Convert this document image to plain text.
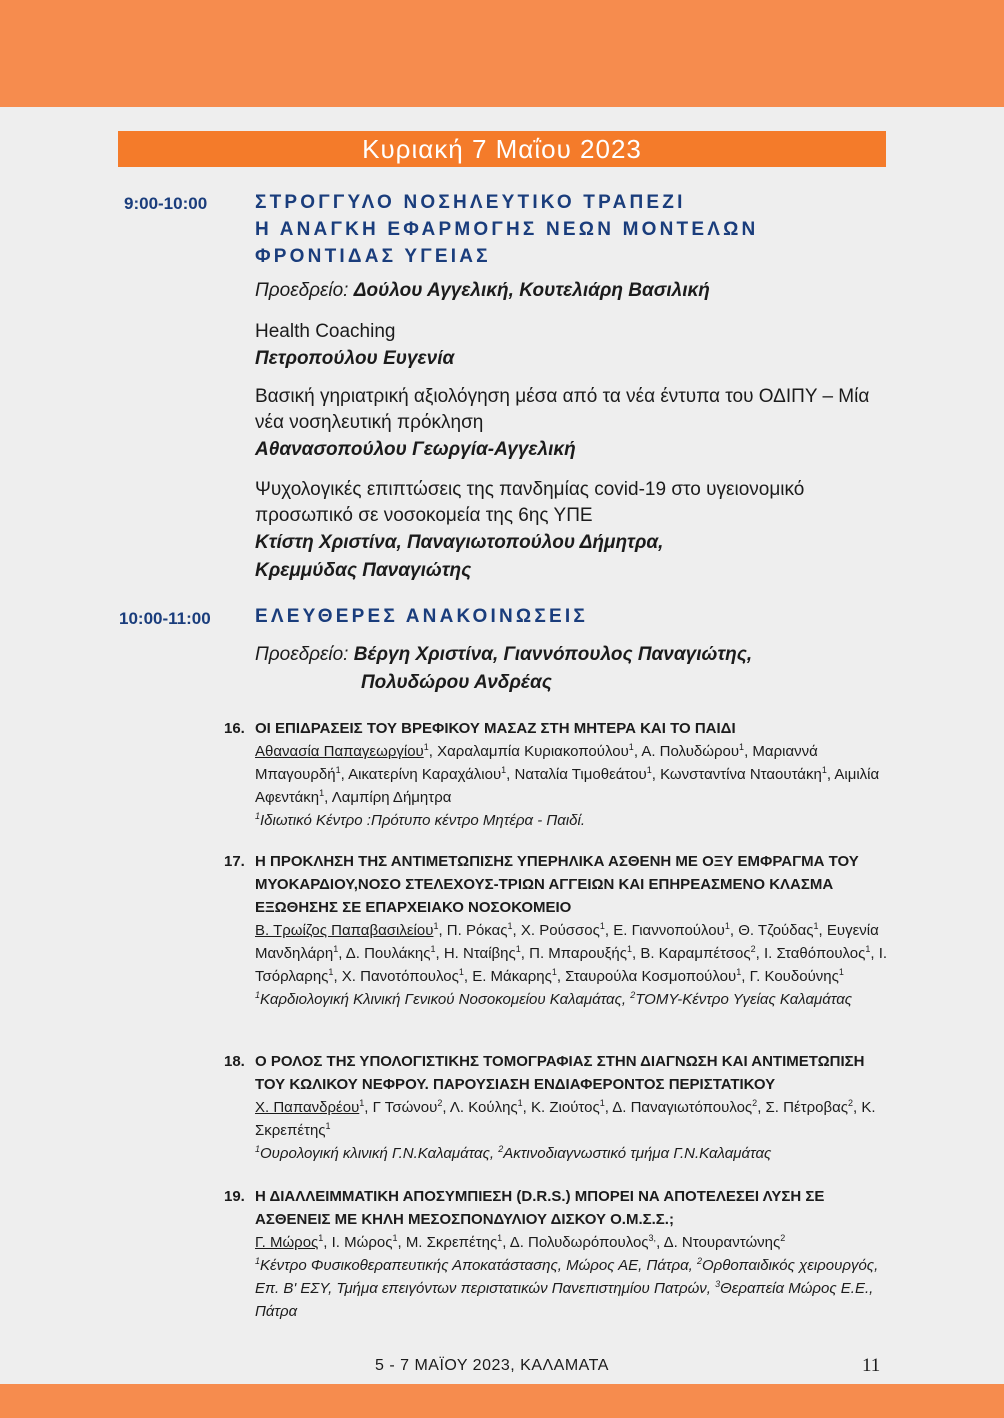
Κυριακή 7 Μαΐου 2023
9:00-10:00	ΣΤΡΟΓΓΥΛΟ ΝΟΣΗΛΕΥΤΙΚΟ ΤΡΑΠΕΖΙ
Η ΑΝΑΓΚΗ ΕΦΑΡΜΟΓΗΣ ΝΕΩΝ ΜΟΝΤΕΛΩΝ
ΦΡΟΝΤΙΔΑΣ ΥΓΕΙΑΣ
Προεδρείο: Δούλου Αγγελική, Κουτελιάρη Βασιλική
Health Coaching
Πετροπούλου Ευγενία
Βασική γηριατρική αξιολόγηση μέσα από τα νέα έντυπα του ΟΔΙΠΥ – Μία νέα νοσηλευτική πρόκληση
Αθανασοπούλου Γεωργία-Αγγελική
Ψυχολογικές επιπτώσεις της πανδημίας covid-19 στο υγειονομικό προσωπικό σε νοσοκομεία της 6ης ΥΠΕ
Κτίστη Χριστίνα, Παναγιωτοπούλου Δήμητρα, Κρεμμύδας Παναγιώτης
10:00-11:00 ΕΛΕΥΘΕΡΕΣ ΑΝΑΚΟΙΝΩΣΕΙΣ
Προεδρείο: Βέργη Χριστίνα, Γιαννόπουλος Παναγιώτης,
Πολυδώρου Ανδρέας
16. ΟΙ ΕΠΙΔΡΑΣΕΙΣ ΤΟΥ ΒΡΕΦΙΚΟΥ ΜΑΣΑΖ ΣΤΗ ΜΗΤΕΡΑ ΚΑΙ ΤΟ ΠΑΙΔΙ
Αθανασία Παπαγεωργίου$^1$, Χαραλαμπία Κυριακοπούλου$^1$, Α. Πολυδώρου$^1$, Μαριαννά Μπαγουρδή$^1$, Αικατερίνη Καραχάλιου$^1$, Ναταλία Τιμοθεάτου$^1$, Κωνσταντίνα Νταουτάκη$^1$, Αιμιλία Αφεντάκη$^1$, Λαμπίρη Δήμητρα
$^1$Ιδιωτικό Κέντρο :Πρότυπο κέντρο Μητέρα - Παιδί.
17. Η ΠΡΟΚΛΗΣΗ ΤΗΣ ΑΝΤΙΜΕΤΩΠΙΣΗΣ ΥΠΕΡΗΛΙΚΑ ΑΣΘΕΝΗ ΜΕ ΟΞΥ ΕΜΦΡΑΓΜΑ ΤΟΥ ΜΥΟΚΑΡΔΙΟΥ,ΝΟΣΟ ΣΤΕΛΕΧΟΥΣ-ΤΡΙΩΝ ΑΓΓΕΙΩΝ ΚΑΙ ΕΠΗΡΕΑΣΜΕΝΟ ΚΛΑΣΜΑ ΕΞΩΘΗΣΗΣ ΣΕ ΕΠΑΡΧΕΙΑΚΟ ΝΟΣΟΚΟΜΕΙΟ
Β. Τρωίζος Παπαβασιλείου$^1$, Π. Ρόκας$^1$, Χ. Ρούσσος$^1$, Ε. Γιαννοπούλου$^1$, Θ. Τζούδας$^1$, Ευγενία Μανδηλάρη$^1$, Δ. Πουλάκης$^1$, Η. Νταίβης$^1$, Π. Μπαρουξής$^1$, Β. Καραμπέτσος$^2$, Ι. Σταθόπουλος$^1$, Ι. Τσόρλαρης$^1$, Χ. Πανοτόπουλος$^1$, Ε. Μάκαρης$^1$, Σταυρούλα Κοσμοπούλου$^1$, Γ. Κουδούνης$^1$
$^1$Καρδιολογική Κλινική Γενικού Νοσοκομείου Καλαμάτας, $^2$ΤΟΜΥ-Κέντρο Υγείας Καλαμάτας
18. Ο ΡΟΛΟΣ ΤΗΣ ΥΠΟΛΟΓΙΣΤΙΚΗΣ ΤΟΜΟΓΡΑΦΙΑΣ ΣΤΗΝ ΔΙΑΓΝΩΣΗ ΚΑΙ ΑΝΤΙΜΕΤΩΠΙΣΗ ΤΟΥ ΚΩΛΙΚΟΥ ΝΕΦΡΟΥ. ΠΑΡΟΥΣΙΑΣΗ ΕΝΔΙΑΦΕΡΟΝΤΟΣ ΠΕΡΙΣΤΑΤΙΚΟΥ
Χ. Παπανδρέου$^1$, Γ Τσώνου$^2$, Λ. Κούλης$^1$, Κ. Ζιούτος$^1$, Δ. Παναγιωτόπουλος$^2$, Σ. Πέτροβας$^2$, Κ. Σκρεπέτης$^1$
$^1$Ουρολογική κλινική Γ.Ν.Καλαμάτας, $^2$Ακτινοδιαγνωστικό τμήμα Γ.Ν.Καλαμάτας
19. Η ΔΙΑΛΛΕΙΜΜΑΤΙΚΗ ΑΠΟΣΥΜΠΙΕΣΗ (D.R.S.) ΜΠΟΡΕΙ ΝΑ ΑΠΟΤΕΛΕΣΕΙ ΛΥΣΗ ΣΕ ΑΣΘΕΝΕΙΣ ΜΕ ΚΗΛΗ ΜΕΣΟΣΠΟΝΔΥΛΙΟΥ ΔΙΣΚΟΥ Ο.Μ.Σ.Σ.;
Γ. Μώρος$^1$, Ι. Μώρος$^1$, Μ. Σκρεπέτης$^1$, Δ. Πολυδωρόπουλος$^{3,}$, Δ. Ντουραντώνης$^2$
$^1$Κέντρο Φυσικοθεραπευτικής Αποκατάστασης, Μώρος ΑΕ, Πάτρα, $^2$Ορθοπαιδικός χειρουργός, Επ. Β' ΕΣΥ, Τμήμα επειγόντων περιστατικών Πανεπιστημίου Πατρών, $^3$Θεραπεία Μώρος Ε.Ε., Πάτρα
5 - 7 ΜΑΪΟΥ 2023, ΚΑΛΑΜΑΤΑ	11
